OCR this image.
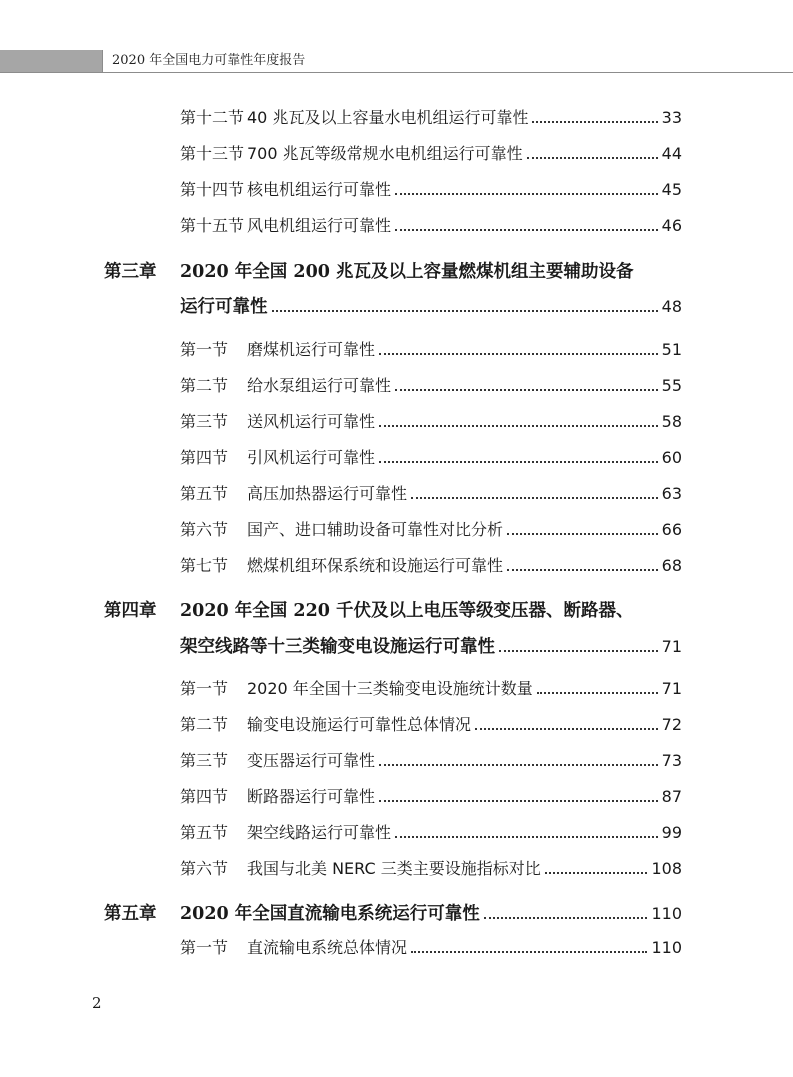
2020 年全国电力可靠性年度报告
第十二节 40 兆瓦及以上容量水电机组运行可靠性	33
第十三节 700 兆瓦等级常规水电机组运行可靠性	44
第十四节 核电机组运行可靠性	45
第十五节 风电机组运行可靠性	46
第三章	2020 年全国 200 兆瓦及以上容量燃煤机组主要辅助设备
运行可靠性	48
第一节	磨煤机运行可靠性	51
第二节	给水泵组运行可靠性	55
第三节	送风机运行可靠性	58
第四节	引风机运行可靠性	60
第五节	高压加热器运行可靠性	63
第六节	国产、进口辅助设备可靠性对比分析	66
第七节	燃煤机组环保系统和设施运行可靠性	68
第四章	2020 年全国 220 千伏及以上电压等级变压器、断路器、
架空线路等十三类输变电设施运行可靠性	71
第一节	2020 年全国十三类输变电设施统计数量	71
第二节	输变电设施运行可靠性总体情况	72
第三节	变压器运行可靠性	73
第四节	断路器运行可靠性	87
第五节	架空线路运行可靠性	99
第六节	我国与北美 NERC 三类主要设施指标对比	108
第五章	2020 年全国直流输电系统运行可靠性	110
第一节	直流输电系统总体情况	110
2
